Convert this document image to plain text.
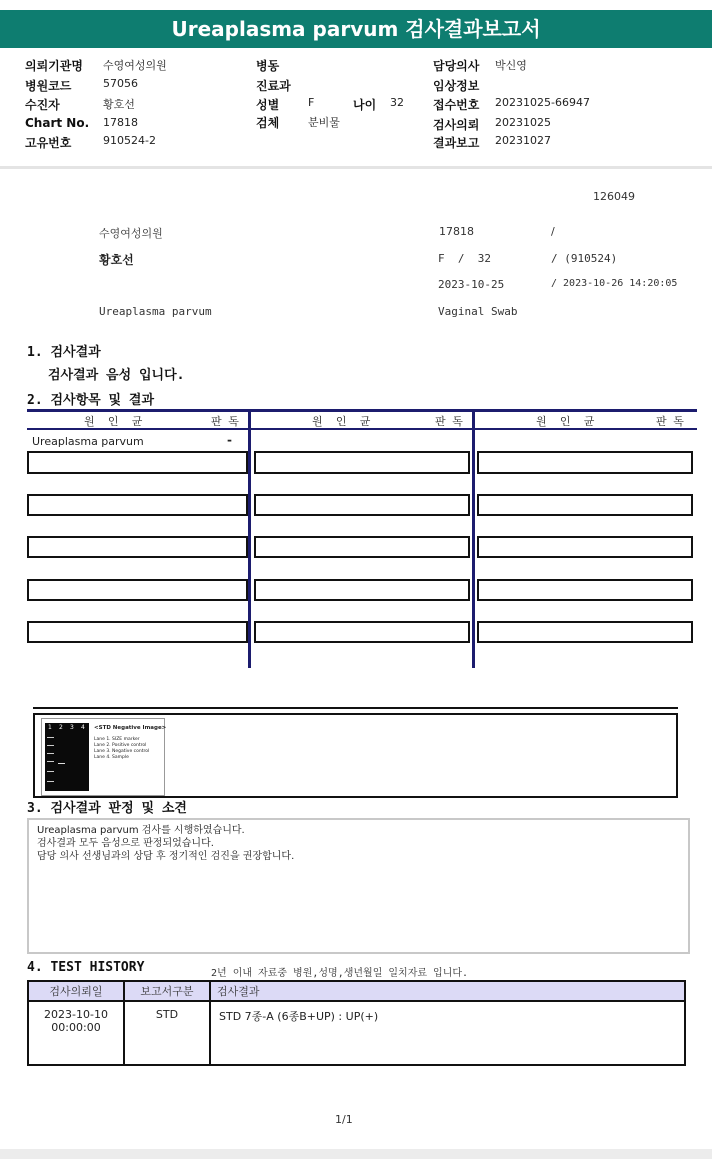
Ureaplasma parvum 검사결과보고서
의뢰기관명 수영여성의원
병원코드	57056
수진자	황호선
Chart No. 17818
고유번호	910524-2
병동
진료과
성별	F	나이 32
검체	분비물
담당의사 박신영
임상정보
접수번호 20231025-66947
검사의뢰 20231025
결과보고 20231027
126049
수영여성의원	17818	/
황호선	F  /  32	/ (910524)
2023-10-25	/ 2023-10-26 14:20:05
Ureaplasma parvum	Vaginal Swab
1. 검사결과
검사결과 음성 입니다.
2. 검사항목 및 결과
원  인  균	판 독	원  인  균	판 독	원  인  균	판 독
Ureaplasma parvum	-
1 2 3 4 <STD Negative Image>
Lane 1. SIZE marker
Lane 2. Positive control
Lane 3. Negative control
Lane 4. Sample
3. 검사결과 판정 및 소견
Ureaplasma parvum 검사를 시행하였습니다.
검사결과 모두 음성으로 판정되었습니다.
담당 의사 선생님과의 상담 후 정기적인 검진을 권장합니다.
4. TEST HISTORY	2년 이내 자료중 병원,성명,생년월일 일치자료 입니다.
검사의뢰일	보고서구분	검사결과

2023-10-10
00:00:00	STD	STD 7종-A (6종B+UP) : UP(+)
1/1
